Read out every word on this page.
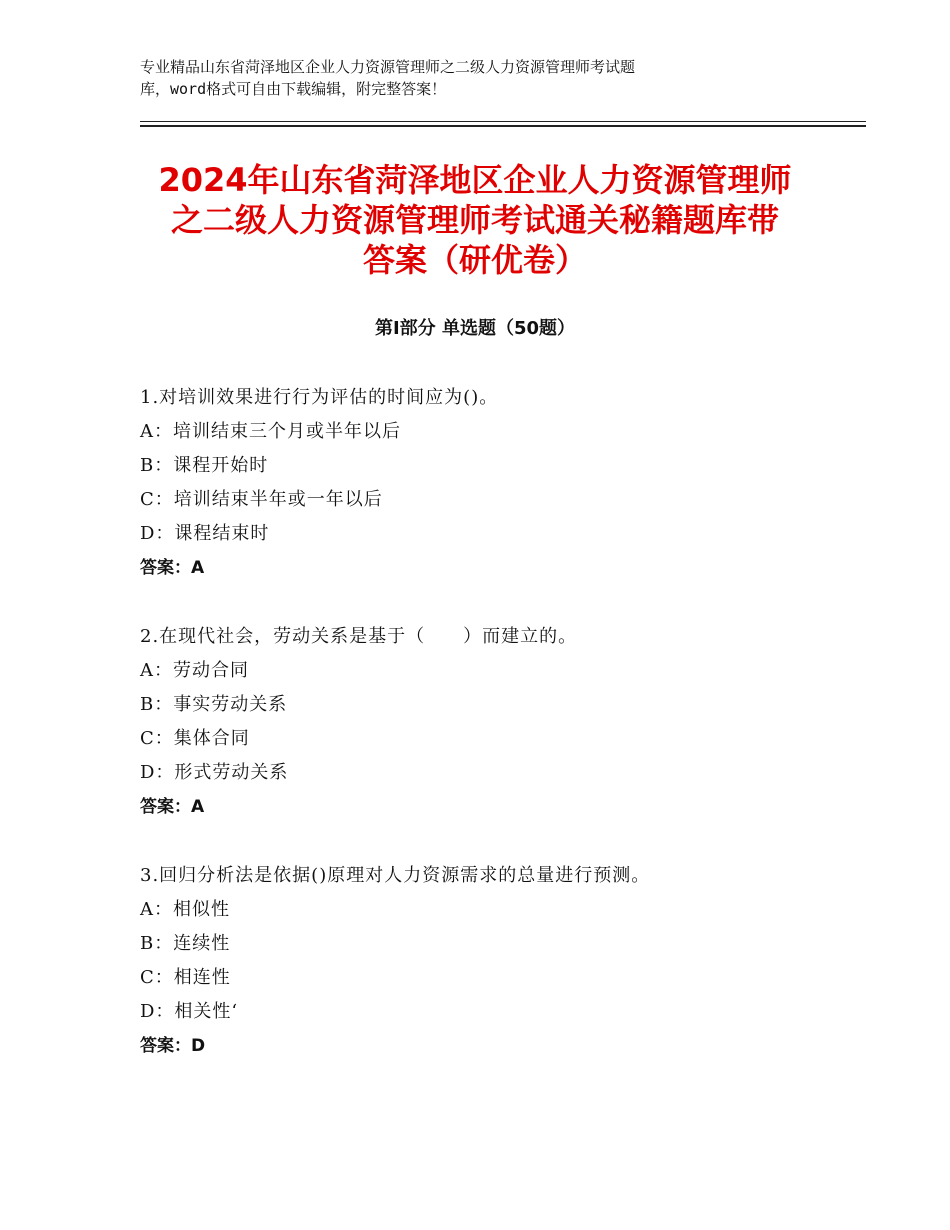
专业精品山东省菏泽地区企业人力资源管理师之二级人力资源管理师考试题
库，word格式可自由下载编辑，附完整答案！
2024年山东省菏泽地区企业人力资源管理师
之二级人力资源管理师考试通关秘籍题库带
答案（研优卷）
第Ⅰ部分 单选题（50题）
1.对培训效果进行行为评估的时间应为()。
A：培训结束三个月或半年以后
B：课程开始时
C：培训结束半年或一年以后
D：课程结束时
答案：A
2.在现代社会，劳动关系是基于（　　）而建立的。
A：劳动合同
B：事实劳动关系
C：集体合同
D：形式劳动关系
答案：A
3.回归分析法是依据()原理对人力资源需求的总量进行预测。
A：相似性
B：连续性
C：相连性
D：相关性‘
答案：D
